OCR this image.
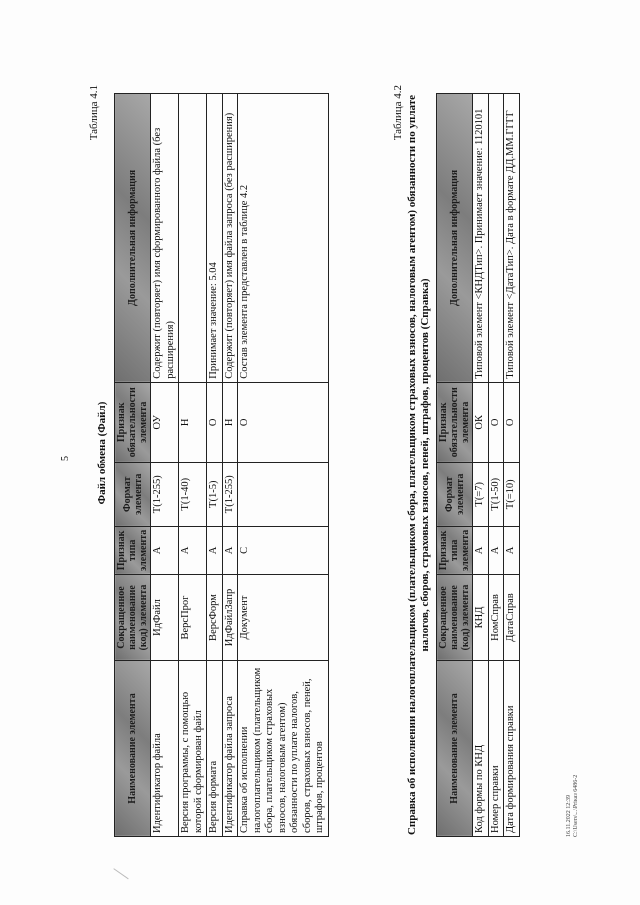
5
Таблица 4.1
Файл обмена (Файл)
Наименование элемента	Сокращенное наименование (код) элемента	Признак типа элемента	Формат элемента	Признак обязательности элемента	Дополнительная информация
Идентификатор файла	ИдФайл	А	Т(1-255)	ОУ	Содержит (повторяет) имя сформированного файла (без расширения)
Версия программы, с помощью которой сформирован файл	ВерсПрог	А	Т(1-40)	Н	
Версия формата	ВерсФорм	А	Т(1-5)	О	Принимает значение: 5.04
Идентификатор файла запроса	ИдФайлЗапр	А	Т(1-255)	Н	Содержит (повторяет) имя файла запроса (без расширения)
Справка об исполнении налогоплательщиком (плательщиком сбора, плательщиком страховых взносов, налоговым агентом) обязанности по уплате налогов, сборов, страховых взносов, пеней, штрафов, процентов	Документ	С		О	Состав элемента представлен в таблице 4.2
Таблица 4.2 Справка об исполнении налогоплательщиком (плательщиком сбора, плательщиком страховых взносов, налоговым агентом) обязанности по уплате налогов, сборов, страховых взносов, пеней, штрафов, процентов (Справка)
Наименование элемента	Сокращенное наименование (код) элемента	Признак типа элемента	Формат элемента	Признак обязательности элемента	Дополнительная информация
Код формы по КНД	КНД	А	Т(=7)	ОК	Типовой элемент <КНДТип>. Принимает значение: 1120101
Номер справки	НомСправ	А	Т(1-50)	О	
Дата формирования справки	ДатаСправ	А	Т(=10)	О	Типовой элемент <ДатаТип>. Дата в формате ДД.ММ.ГГГГ
16.11.2022 12:39
C:\Users\...\Priказ 6486-2
